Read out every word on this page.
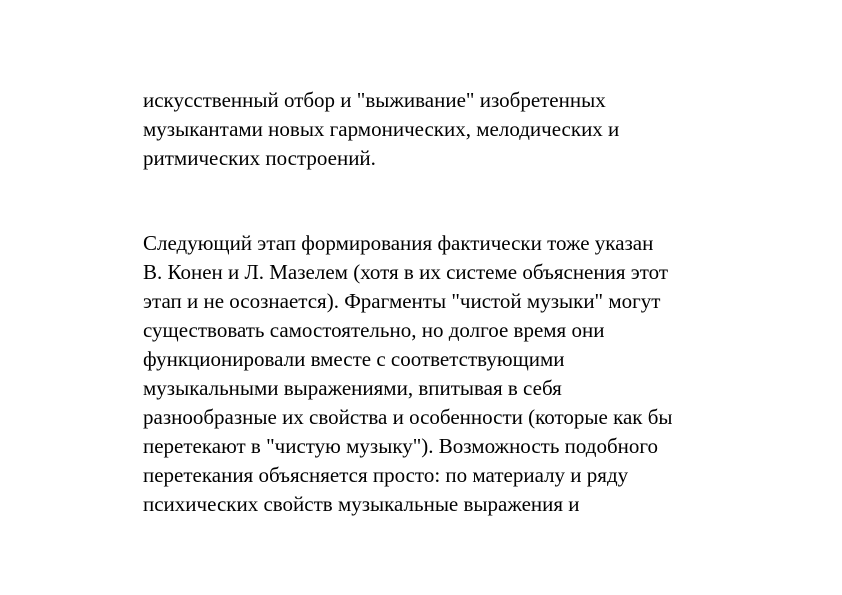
искусственный отбор и "выживание" изобретенных
музыкантами новых гармонических, мелодических и
ритмических построений.
Следующий этап формирования фактически тоже указан
В. Конен и Л. Мазелем (хотя в их системе объяснения этот
этап и не осознается). Фрагменты "чистой музыки" могут
существовать самостоятельно, но долгое время они
функционировали вместе с соответствующими
музыкальными выражениями, впитывая в себя
разнообразные их свойства и особенности (которые как бы
перетекают в "чистую музыку"). Возможность подобного
перетекания объясняется просто: по материалу и ряду
психических свойств музыкальные выражения и
